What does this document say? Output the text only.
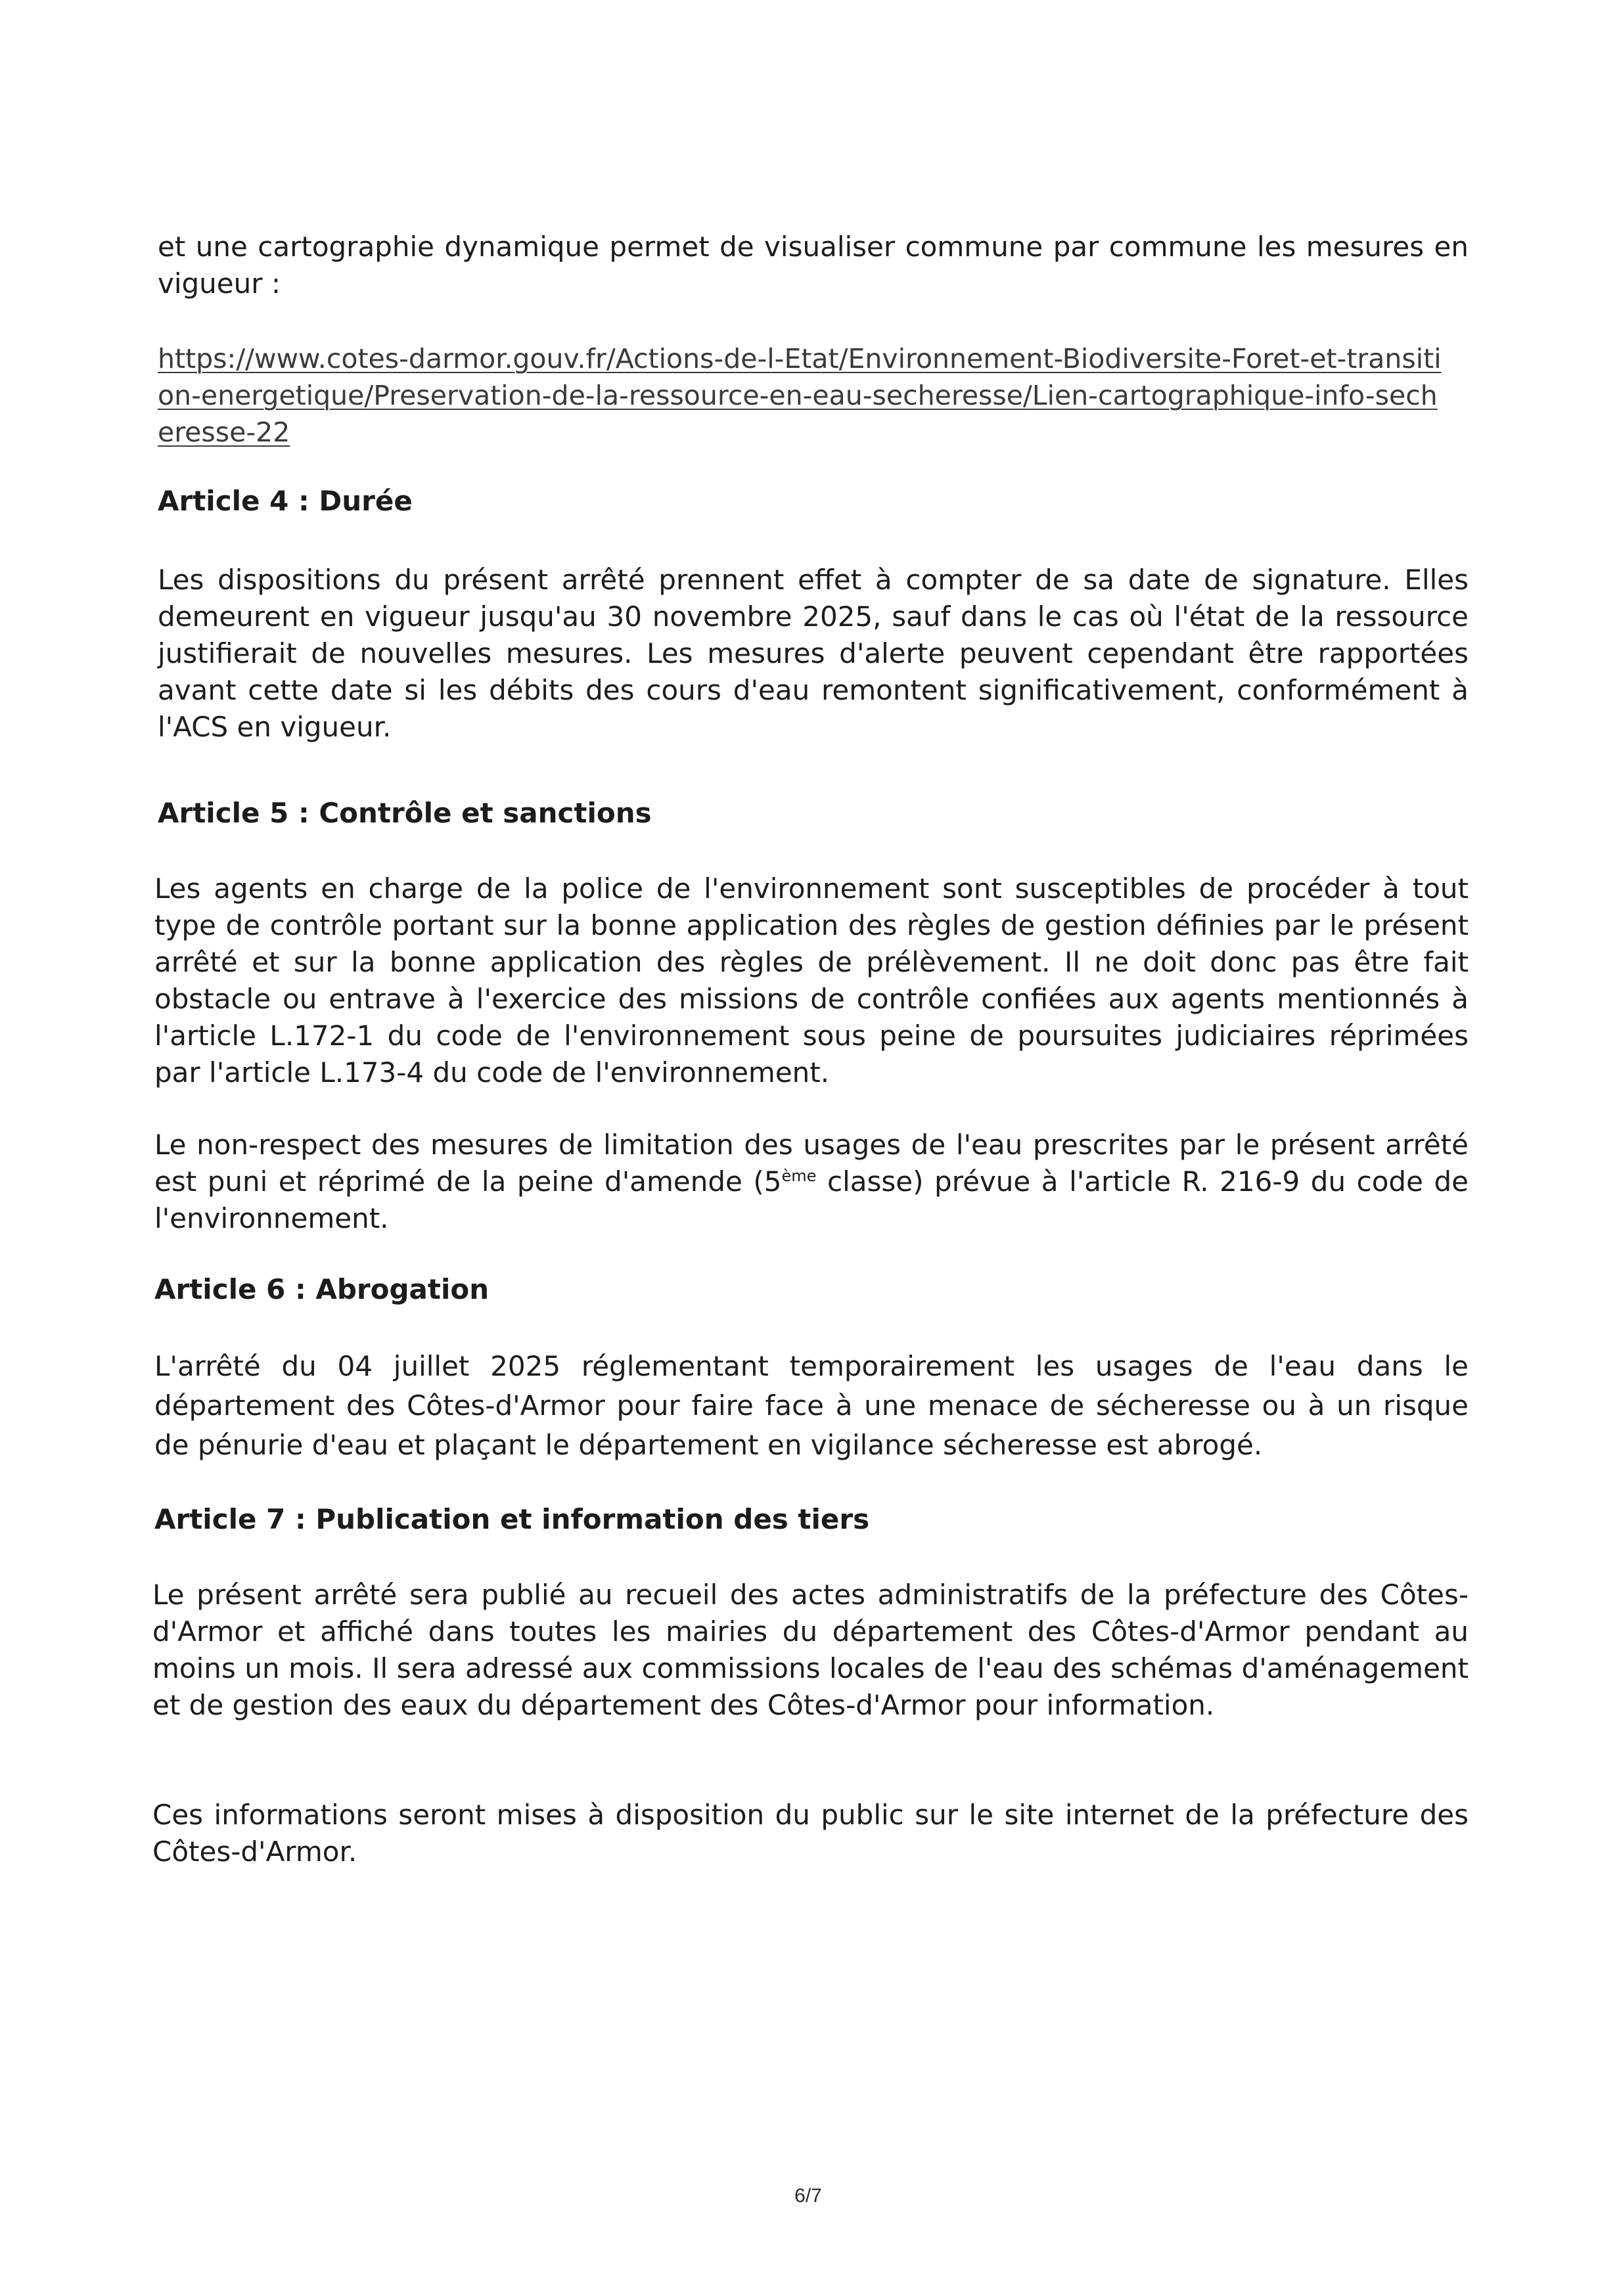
et une cartographie dynamique permet de visualiser commune par commune les mesures en vigueur :

https://www.cotes-darmor.gouv.fr/Actions-de-l-Etat/Environnement-Biodiversite-Foret-et-transition-energetique/Preservation-de-la-ressource-en-eau-secheresse/Lien-cartographique-info-secheresse-22
Article 4 : Durée

Les dispositions du présent arrêté prennent effet à compter de sa date de signature. Elles demeurent en vigueur jusqu'au 30 novembre 2025, sauf dans le cas où l'état de la ressource justifierait de nouvelles mesures. Les mesures d'alerte peuvent cependant être rapportées avant cette date si les débits des cours d'eau remontent significativement, conformément à l'ACS en vigueur.

Article 5 : Contrôle et sanctions

Les agents en charge de la police de l'environnement sont susceptibles de procéder à tout type de contrôle portant sur la bonne application des règles de gestion définies par le présent arrêté et sur la bonne application des règles de prélèvement. Il ne doit donc pas être fait obstacle ou entrave à l'exercice des missions de contrôle confiées aux agents mentionnés à l'article L.172-1 du code de l'environnement sous peine de poursuites judiciaires réprimées par l'article L.173-4 du code de l'environnement.

Le non-respect des mesures de limitation des usages de l'eau prescrites par le présent arrêté est puni et réprimé de la peine d'amende (5ème classe) prévue à l'article R. 216-9 du code de l'environnement.

Article 6 : Abrogation

L'arrêté du 04 juillet 2025 réglementant temporairement les usages de l'eau dans le département des Côtes-d'Armor pour faire face à une menace de sécheresse ou à un risque de pénurie d'eau et plaçant le département en vigilance sécheresse est abrogé.

Article 7 : Publication et information des tiers

Le présent arrêté sera publié au recueil des actes administratifs de la préfecture des Côtes-d'Armor et affiché dans toutes les mairies du département des Côtes-d'Armor pendant au moins un mois. Il sera adressé aux commissions locales de l'eau des schémas d'aménagement et de gestion des eaux du département des Côtes-d'Armor pour information.

Ces informations seront mises à disposition du public sur le site internet de la préfecture des Côtes-d'Armor.

6/7
